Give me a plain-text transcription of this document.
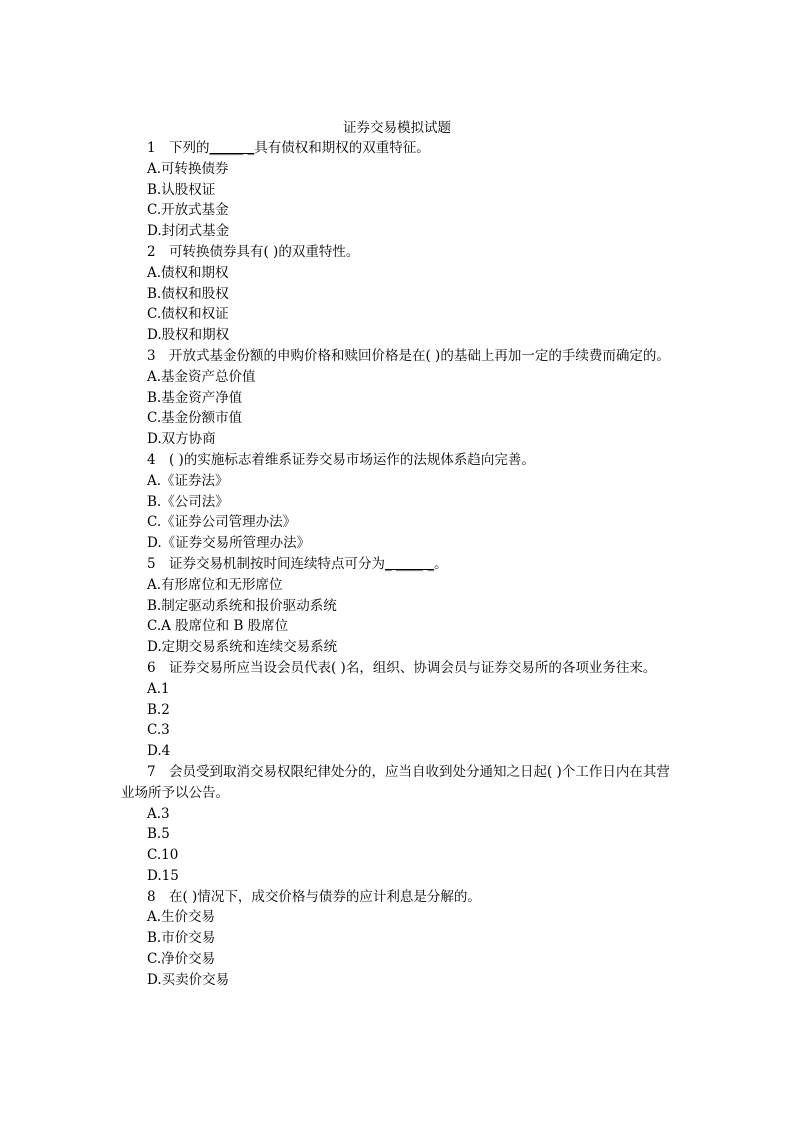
证券交易模拟试题
1 下列的_____ _具有债权和期权的双重特征。
A.可转换债券
B.认股权证
C.开放式基金
D.封闭式基金
2 可转换债券具有( )的双重特性。
A.债权和期权
B.债权和股权
C.债权和权证
D.股权和期权
3 开放式基金份额的申购价格和赎回价格是在( )的基础上再加一定的手续费而确定的。
A.基金资产总价值
B.基金资产净值
C.基金份额市值
D.双方协商
4 ( )的实施标志着维系证券交易市场运作的法规体系趋向完善。
A.《证券法》
B.《公司法》
C.《证券公司管理办法》
D.《证券交易所管理办法》
5 证券交易机制按时间连续特点可分为_ ____ _。
A.有形席位和无形席位
B.制定驱动系统和报价驱动系统
C.A 股席位和 B 股席位
D.定期交易系统和连续交易系统
6 证券交易所应当设会员代表( )名，组织、协调会员与证券交易所的各项业务往来。
A.1
B.2
C.3
D.4
7 会员受到取消交易权限纪律处分的，应当自收到处分通知之日起( )个工作日内在其营业场所予以公告。
A.3
B.5
C.10
D.15
8 在( )情况下，成交价格与债券的应计利息是分解的。
A.生价交易
B.市价交易
C.净价交易
D.买卖价交易
